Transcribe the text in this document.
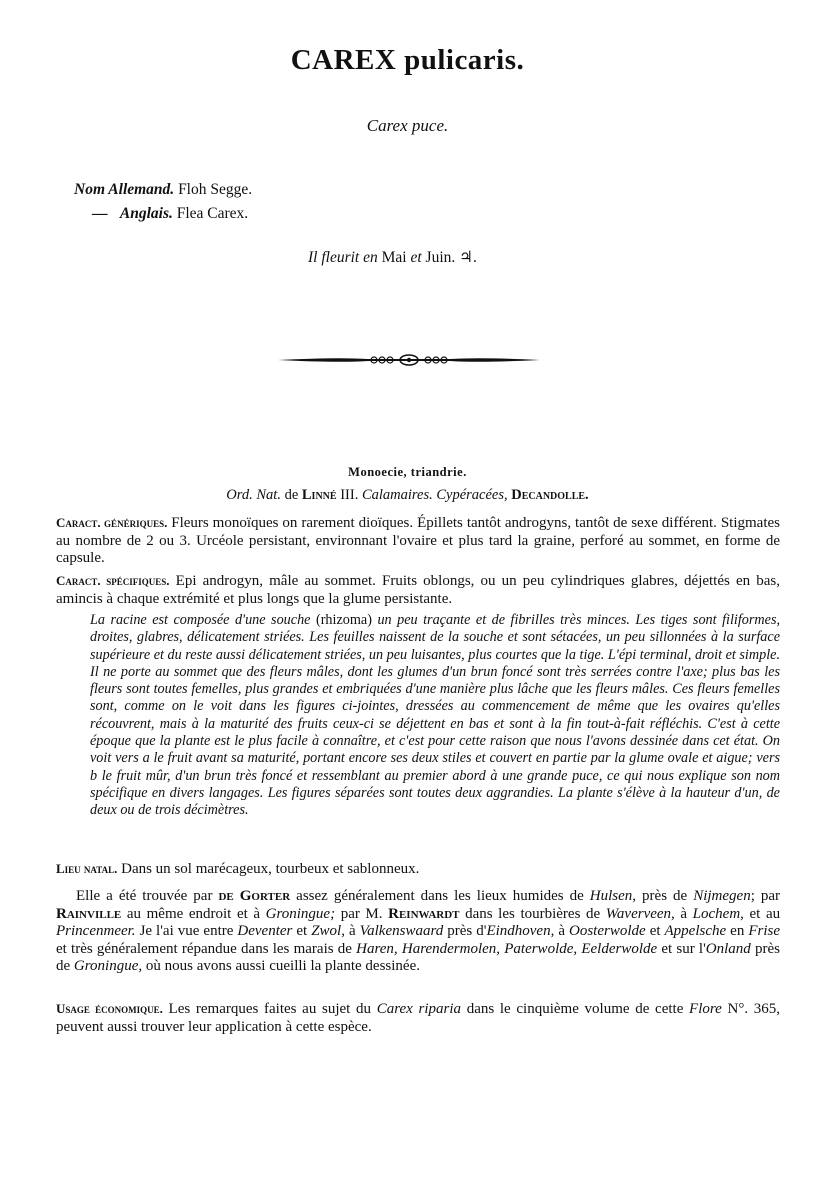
CAREX pulicaris.
Carex puce.
Nom Allemand. Floh Segge.
— Anglais. Flea Carex.
Il fleurit en Mai et Juin. ♃.
Monoecie, triandrie.
Ord. Nat. de Linné III. Calamaires. Cypéracées, Decandolle.
Caract. génériques. Fleurs monoïques on rarement dioïques. Épillets tantôt androgyns, tantôt de sexe différent. Stigmates au nombre de 2 ou 3. Urcéole persistant, environnant l'ovaire et plus tard la graine, perforé au sommet, en forme de capsule.
Caract. spécifiques. Epi androgyn, mâle au sommet. Fruits oblongs, ou un peu cylindriques glabres, déjettés en bas, amincis à chaque extrémité et plus longs que la glume persistante.
La racine est composée d'une souche (rhizoma) un peu traçante et de fibrilles très minces. Les tiges sont filiformes, droites, glabres, délicatement striées. Les feuilles naissent de la souche et sont sétacées, un peu sillonnées à la surface supérieure et du reste aussi délicatement striées, un peu luisantes, plus courtes que la tige. L'épi terminal, droit et simple. Il ne porte au sommet que des fleurs mâles, dont les glumes d'un brun foncé sont très serrées contre l'axe; plus bas les fleurs sont toutes femelles, plus grandes et embriquées d'une manière plus lâche que les fleurs mâles. Ces fleurs femelles sont, comme on le voit dans les figures ci-jointes, dressées au commencement de même que les ovaires qu'elles récouvrent, mais à la maturité des fruits ceux-ci se déjettent en bas et sont à la fin tout-à-fait réfléchis. C'est à cette époque que la plante est le plus facile à connaître, et c'est pour cette raison que nous l'avons dessinée dans cet état. On voit vers a le fruit avant sa maturité, portant encore ses deux stiles et couvert en partie par la glume ovale et aigue; vers b le fruit mûr, d'un brun très foncé et ressemblant au premier abord à une grande puce, ce qui nous explique son nom spécifique en divers langages. Les figures séparées sont toutes deux aggrandies. La plante s'élève à la hauteur d'un, de deux ou de trois décimètres.
Lieu natal. Dans un sol marécageux, tourbeux et sablonneux.
Elle a été trouvée par de Gorter assez généralement dans les lieux humides de Hulsen, près de Nijmegen; par Rainville au même endroit et à Groningue; par M. Reinwardt dans les tourbières de Waverveen, à Lochem, et au Princenmeer. Je l'ai vue entre Deventer et Zwol, à Valkenswaard près d'Eindhoven, à Oosterwolde et Appelsche en Frise et très généralement répandue dans les marais de Haren, Harendermolen, Paterwolde, Eelderwolde et sur l'Onland près de Groningue, où nous avons aussi cueilli la plante dessinée.
Usage économique. Les remarques faites au sujet du Carex riparia dans le cinquième volume de cette Flore N°. 365, peuvent aussi trouver leur application à cette espèce.
